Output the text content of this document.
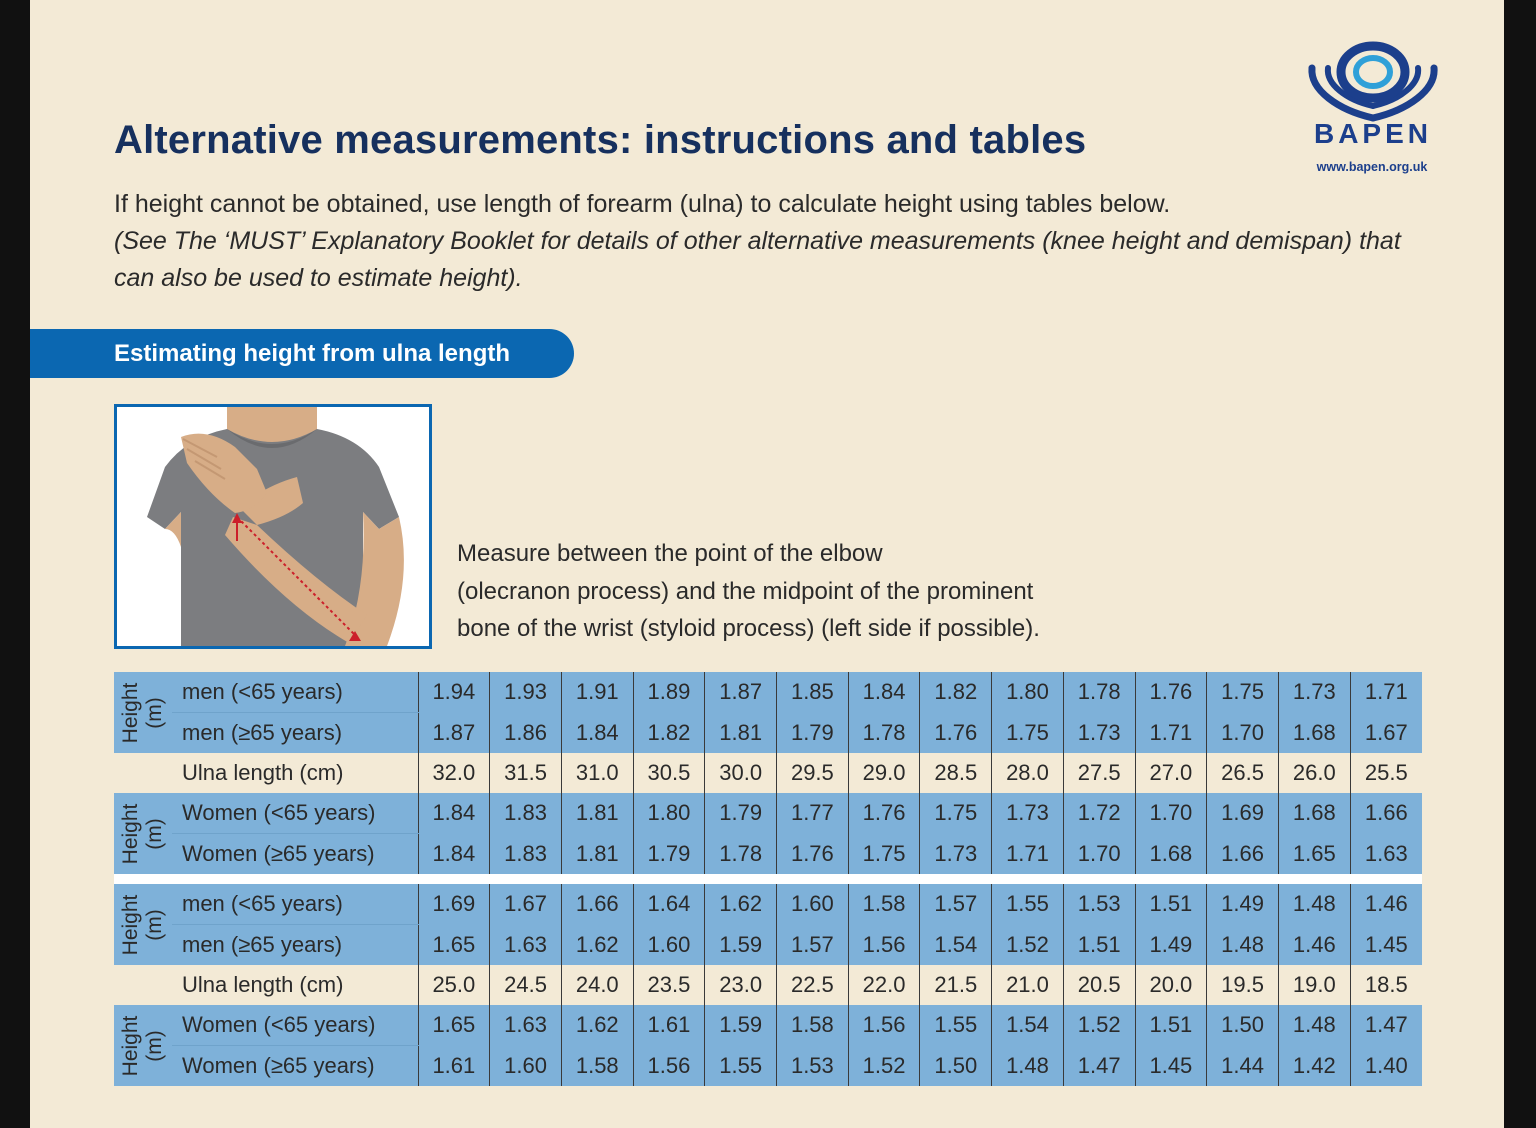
Alternative measurements: instructions and tables	BAPEN
www.bapen.org.uk

If height cannot be obtained, use length of forearm (ulna) to calculate height using tables below.

(See The ‘MUST’ Explanatory Booklet for details of other alternative measurements (knee height and demispan) that can also be used to estimate height).

Estimating height from ulna length

Measure between the point of the elbow

(olecranon process) and the midpoint of the prominent

bone of the wrist (styloid process) (left side if possible).

Height (m)	men (<65 years)	1.94	1.93	1.91	1.89	1.87	1.85	1.84	1.82	1.80	1.78	1.76	1.75	1.73	1.71
	men (≥65 years)	1.87	1.86	1.84	1.82	1.81	1.79	1.78	1.76	1.75	1.73	1.71	1.70	1.68	1.67
	Ulna length (cm)	32.0	31.5	31.0	30.5	30.0	29.5	29.0	28.5	28.0	27.5	27.0	26.5	26.0	25.5

Height (m)	Women (<65 years)	1.84	1.83	1.81	1.80	1.79	1.77	1.76	1.75	1.73	1.72	1.70	1.69	1.68	1.66
	Women (≥65 years)	1.84	1.83	1.81	1.79	1.78	1.76	1.75	1.73	1.71	1.70	1.68	1.66	1.65	1.63

Height (m)	men (<65 years)	1.69	1.67	1.66	1.64	1.62	1.60	1.58	1.57	1.55	1.53	1.51	1.49	1.48	1.46
	men (≥65 years)	1.65	1.63	1.62	1.60	1.59	1.57	1.56	1.54	1.52	1.51	1.49	1.48	1.46	1.45
	Ulna length (cm)	25.0	24.5	24.0	23.5	23.0	22.5	22.0	21.5	21.0	20.5	20.0	19.5	19.0	18.5

Height (m)	Women (<65 years)	1.65	1.63	1.62	1.61	1.59	1.58	1.56	1.55	1.54	1.52	1.51	1.50	1.48	1.47
	Women (≥65 years)	1.61	1.60	1.58	1.56	1.55	1.53	1.52	1.50	1.48	1.47	1.45	1.44	1.42	1.40
